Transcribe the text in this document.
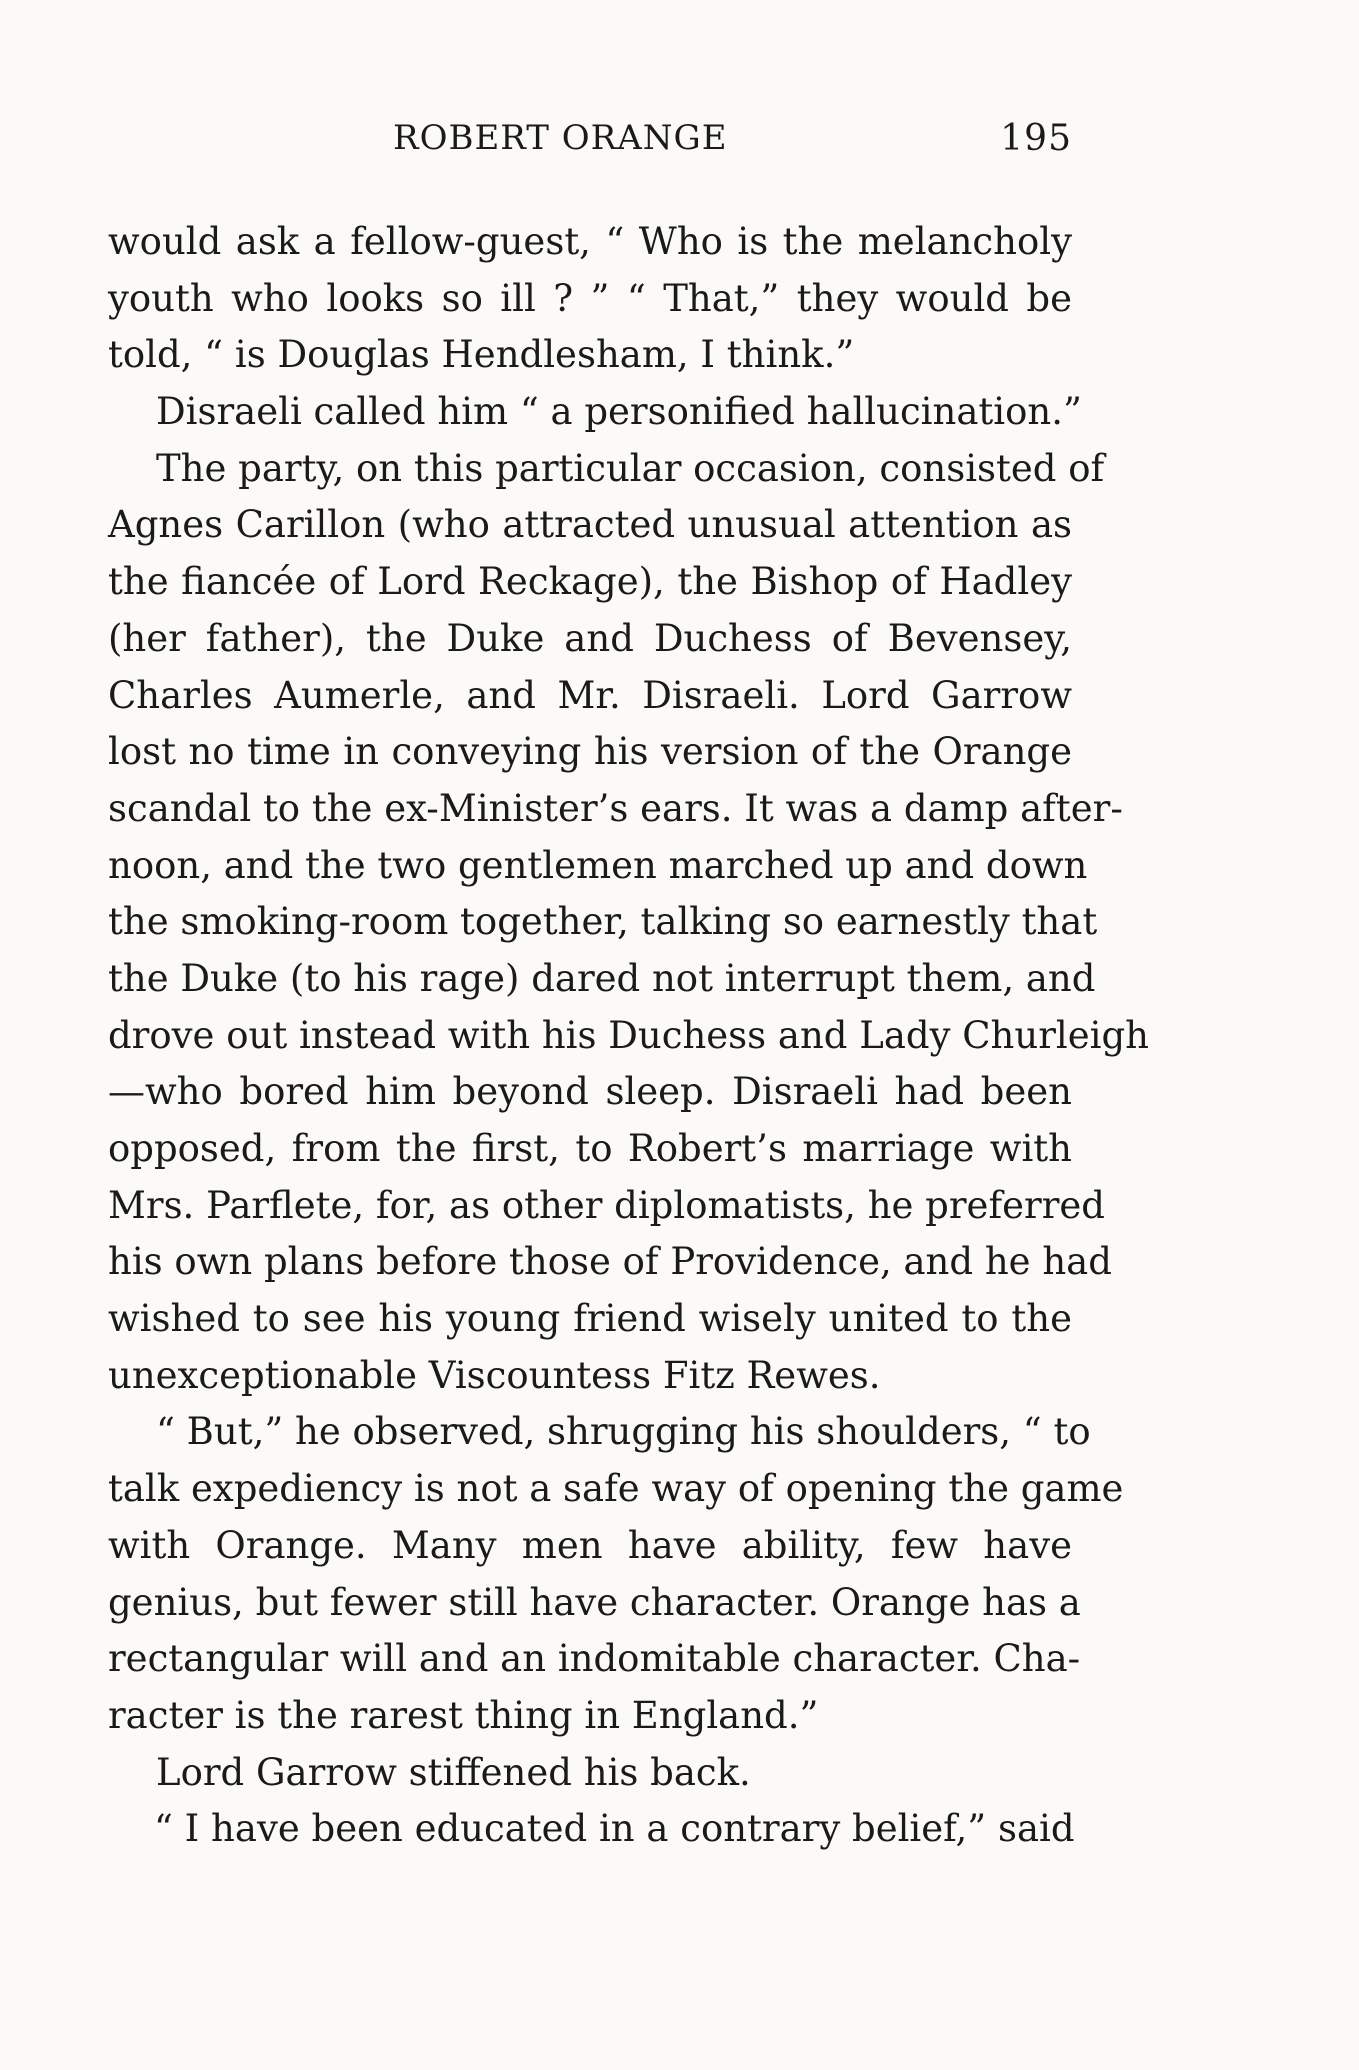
ROBERT ORANGE	195
would ask a fellow-guest, “ Who is the melancholy
youth who looks so ill ? ” “ That,” they would be
told, “ is Douglas Hendlesham, I think.”
Disraeli called him “ a personified hallucination.”
The party, on this particular occasion, consisted of
Agnes Carillon (who attracted unusual attention as
the fiancée of Lord Reckage), the Bishop of Hadley
(her father), the Duke and Duchess of Bevensey,
Charles Aumerle, and Mr. Disraeli. Lord Garrow
lost no time in conveying his version of the Orange
scandal to the ex-Minister’s ears. It was a damp after-
noon, and the two gentlemen marched up and down
the smoking-room together, talking so earnestly that
the Duke (to his rage) dared not interrupt them, and
drove out instead with his Duchess and Lady Churleigh
—who bored him beyond sleep. Disraeli had been
opposed, from the first, to Robert’s marriage with
Mrs. Parflete, for, as other diplomatists, he preferred
his own plans before those of Providence, and he had
wished to see his young friend wisely united to the
unexceptionable Viscountess Fitz Rewes.
“ But,” he observed, shrugging his shoulders, “ to
talk expediency is not a safe way of opening the game
with Orange. Many men have ability, few have
genius, but fewer still have character. Orange has a
rectangular will and an indomitable character. Cha-
racter is the rarest thing in England.”
Lord Garrow stiffened his back.
“ I have been educated in a contrary belief,” said
